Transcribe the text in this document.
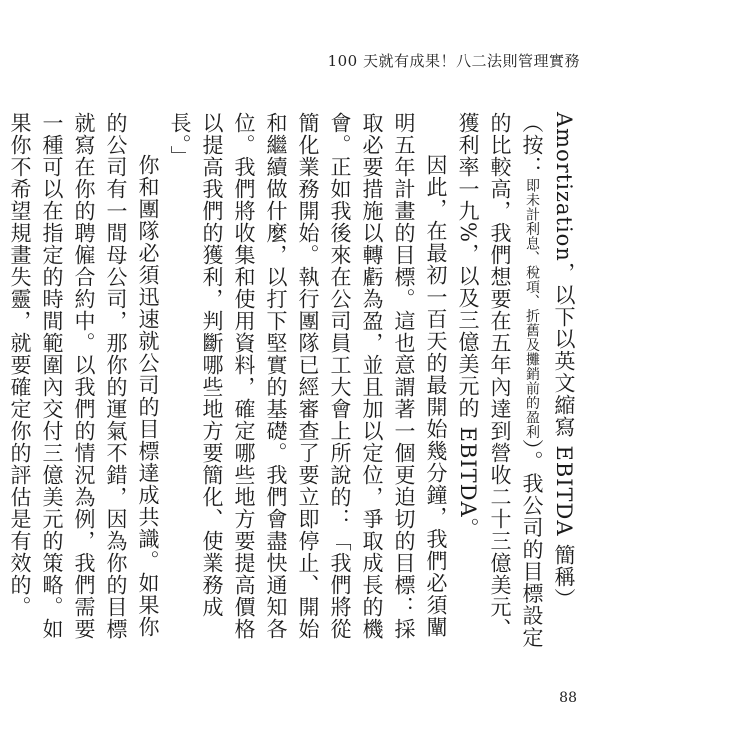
100 天就有成果！八二法則管理實務

Amortization，以下以英文縮寫 EBITDA 簡稱）（按：即未計利息、稅項、折舊及攤銷前的盈利）。我公司的目標設定的比較高，我們想要在五年內達到營收二十三億美元、獲利率一九%，以及三億美元的 EBITDA。

因此，在最初一百天的最開始幾分鐘，我們必須闡明五年計畫的目標。這也意謂著一個更迫切的目標：採取必要措施以轉虧為盈，並且加以定位，爭取成長的機會。正如我後來在公司員工大會上所說的：「我們將從簡化業務開始。執行團隊已經審查了要立即停止、開始和繼續做什麼，以打下堅實的基礎。我們會盡快通知各位。我們將收集和使用資料，確定哪些地方要提高價格以提高我們的獲利，判斷哪些地方要簡化、使業務成長。」

你和團隊必須迅速就公司的目標達成共識。如果你的公司有一間母公司，那你的運氣不錯，因為你的目標就寫在你的聘僱合約中。以我們的情況為例，我們需要一種可以在指定的時間範圍內交付三億美元的策略。如果你不希望規畫失靈，就要確定你的評估是有效的。

88
